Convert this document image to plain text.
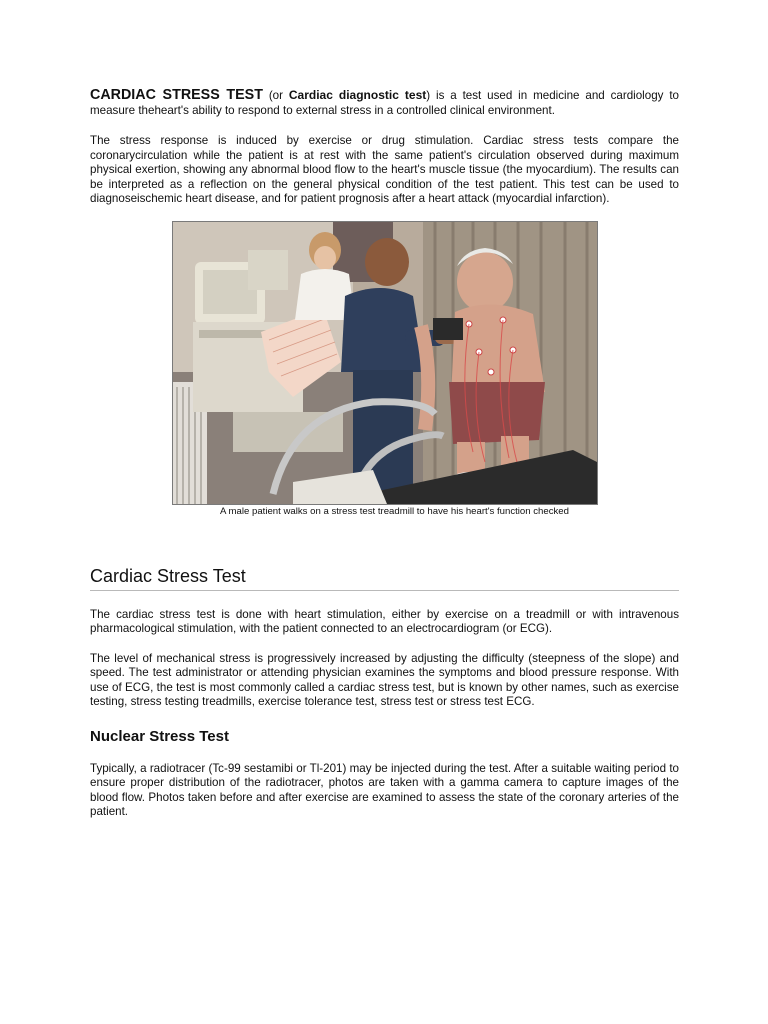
CARDIAC STRESS TEST (or Cardiac diagnostic test) is a test used in medicine and cardiology to measure theheart's ability to respond to external stress in a controlled clinical environment.

The stress response is induced by exercise or drug stimulation. Cardiac stress tests compare the coronarycirculation while the patient is at rest with the same patient's circulation observed during maximum physical exertion, showing any abnormal blood flow to the heart's muscle tissue (the myocardium). The results can be interpreted as a reflection on the general physical condition of the test patient. This test can be used to diagnoseischemic heart disease, and for patient prognosis after a heart attack (myocardial infarction).

A male patient walks on a stress test treadmill to have his heart's function checked
Cardiac Stress Test

The cardiac stress test is done with heart stimulation, either by exercise on a treadmill or with intravenous pharmacological stimulation, with the patient connected to an electrocardiogram (or ECG).

The level of mechanical stress is progressively increased by adjusting the difficulty (steepness of the slope) and speed. The test administrator or attending physician examines the symptoms and blood pressure response. With use of ECG, the test is most commonly called a cardiac stress test, but is known by other names, such as exercise testing, stress testing treadmills, exercise tolerance test, stress test or stress test ECG.

Nuclear Stress Test

Typically, a radiotracer (Tc-99 sestamibi or Tl-201) may be injected during the test. After a suitable waiting period to ensure proper distribution of the radiotracer, photos are taken with a gamma camera to capture images of the blood flow. Photos taken before and after exercise are examined to assess the state of the coronary arteries of the patient.
